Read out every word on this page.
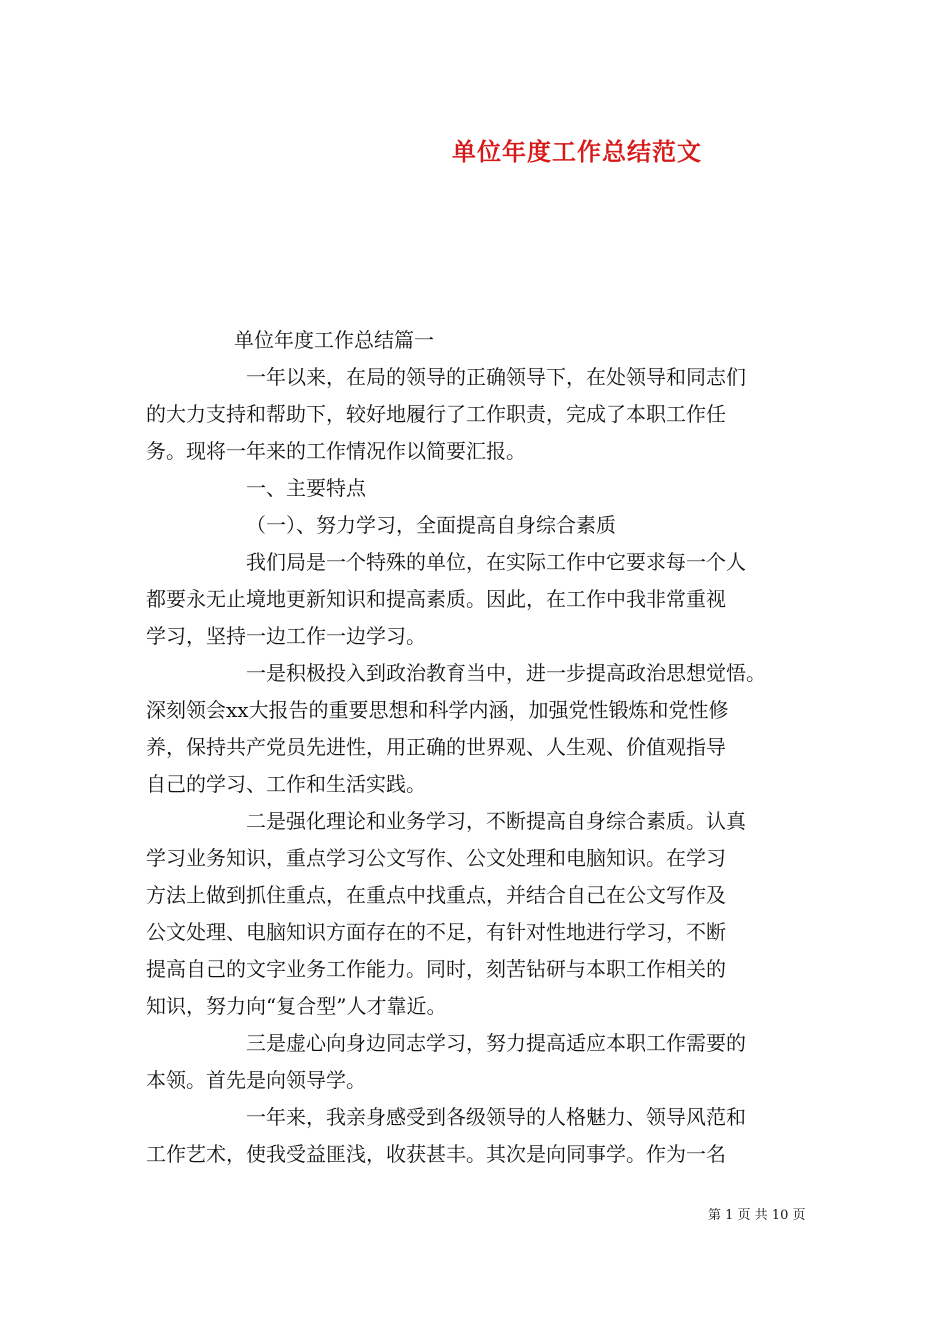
单位年度工作总结范文
单位年度工作总结篇一
一年以来，在局的领导的正确领导下，在处领导和同志们
的大力支持和帮助下，较好地履行了工作职责，完成了本职工作任
务。现将一年来的工作情况作以简要汇报。
一、主要特点
（一）、努力学习，全面提高自身综合素质
我们局是一个特殊的单位，在实际工作中它要求每一个人
都要永无止境地更新知识和提高素质。因此，在工作中我非常重视
学习，坚持一边工作一边学习。
一是积极投入到政治教育当中，进一步提高政治思想觉悟。
深刻领会xx大报告的重要思想和科学内涵，加强党性锻炼和党性修
养，保持共产党员先进性，用正确的世界观、人生观、价值观指导
自己的学习、工作和生活实践。
二是强化理论和业务学习，不断提高自身综合素质。认真
学习业务知识，重点学习公文写作、公文处理和电脑知识。在学习
方法上做到抓住重点，在重点中找重点，并结合自己在公文写作及
公文处理、电脑知识方面存在的不足，有针对性地进行学习，不断
提高自己的文字业务工作能力。同时，刻苦钻研与本职工作相关的
知识，努力向“复合型”人才靠近。
三是虚心向身边同志学习，努力提高适应本职工作需要的
本领。首先是向领导学。
一年来，我亲身感受到各级领导的人格魅力、领导风范和
工作艺术，使我受益匪浅，收获甚丰。其次是向同事学。作为一名
第 1 页 共 10 页
